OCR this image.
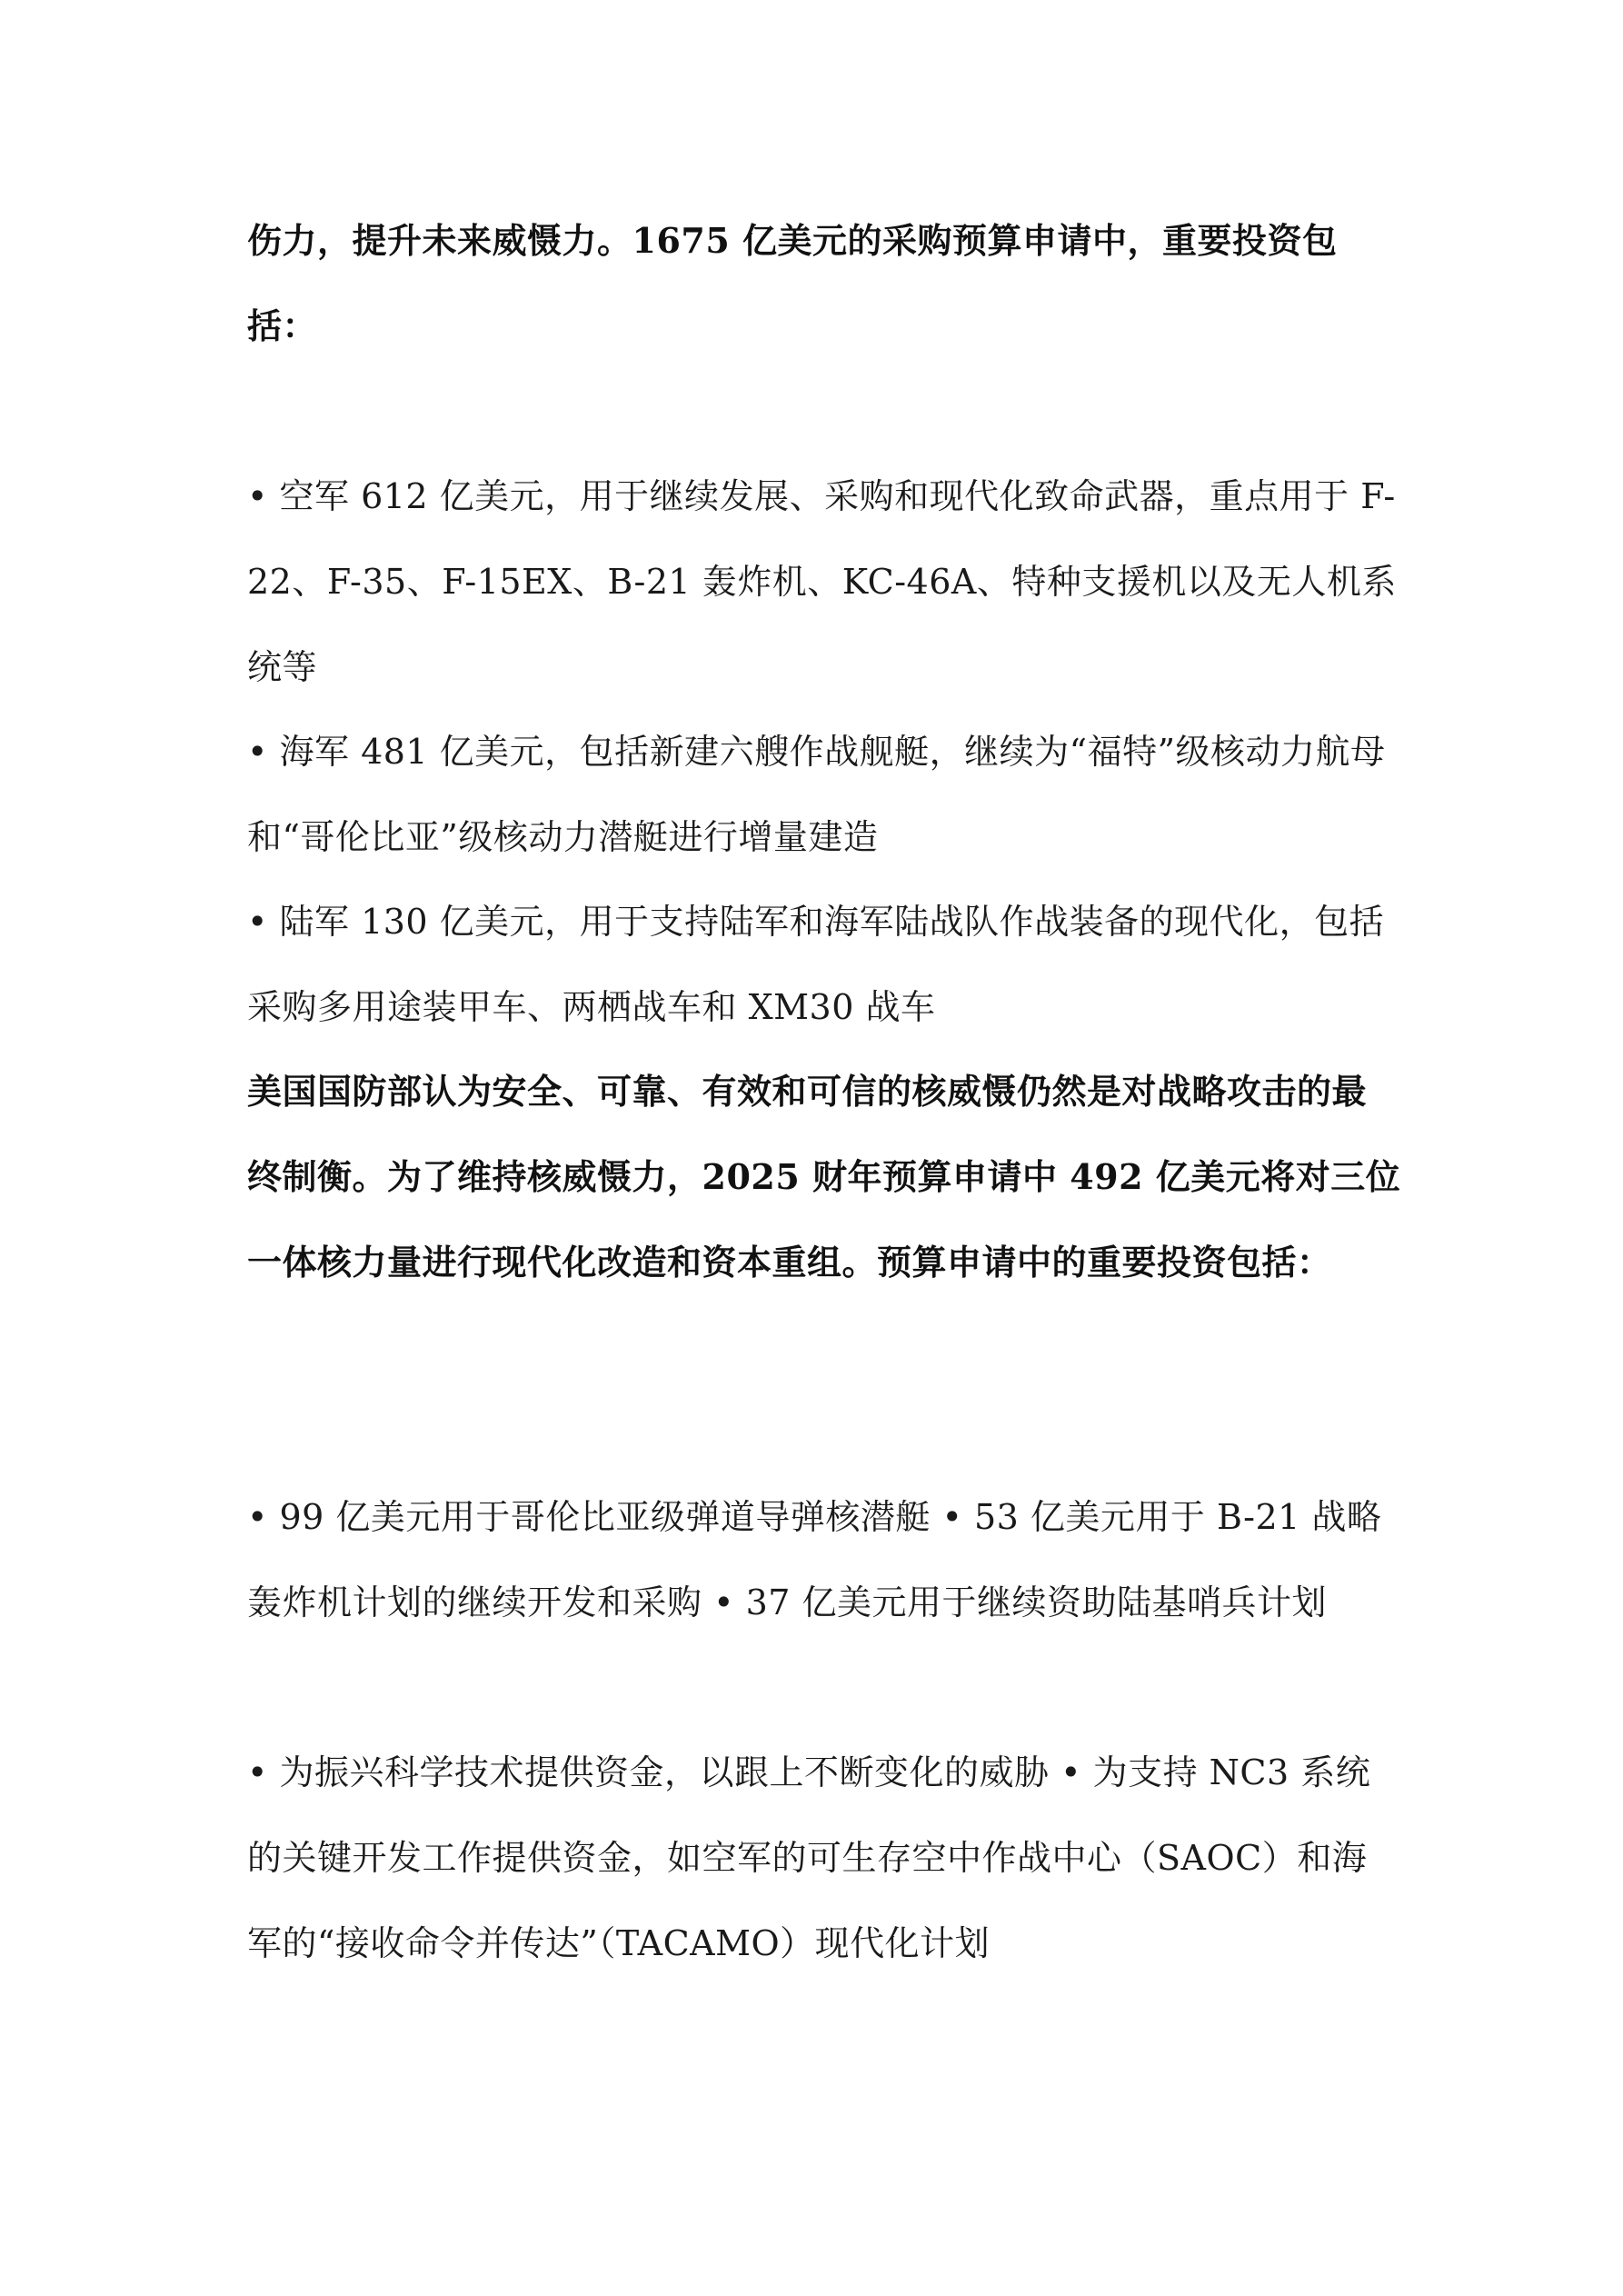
伤力，提升未来威慑力。1675 亿美元的采购预算申请中，重要投资包括：

• 空军 612 亿美元，用于继续发展、采购和现代化致命武器，重点用于 F-22、F-35、F-15EX、B-21 轰炸机、KC-46A、特种支援机以及无人机系统等

• 海军 481 亿美元，包括新建六艘作战舰艇，继续为“福特”级核动力航母和“哥伦比亚”级核动力潜艇进行增量建造

• 陆军 130 亿美元，用于支持陆军和海军陆战队作战装备的现代化，包括采购多用途装甲车、两栖战车和 XM30 战车

美国国防部认为安全、可靠、有效和可信的核威慑仍然是对战略攻击的最终制衡。为了维持核威慑力，2025 财年预算申请中 492 亿美元将对三位一体核力量进行现代化改造和资本重组。预算申请中的重要投资包括：

• 99 亿美元用于哥伦比亚级弹道导弹核潜艇 • 53 亿美元用于 B-21 战略轰炸机计划的继续开发和采购 • 37 亿美元用于继续资助陆基哨兵计划

• 为振兴科学技术提供资金，以跟上不断变化的威胁 • 为支持 NC3 系统的关键开发工作提供资金，如空军的可生存空中作战中心（SAOC）和海军的“接收命令并传达”（TACAMO）现代化计划
